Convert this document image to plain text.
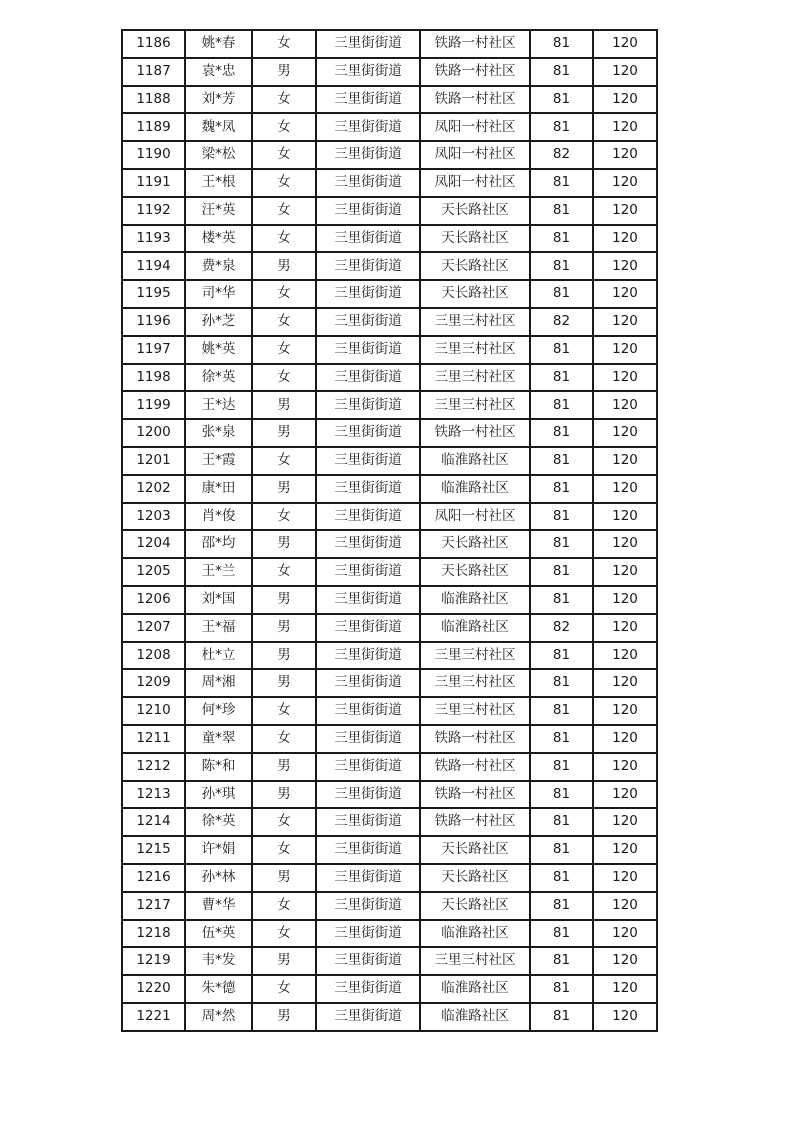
1186	姚*春	女	三里街街道	铁路一村社区	81	120
1187	袁*忠	男	三里街街道	铁路一村社区	81	120
1188	刘*芳	女	三里街街道	铁路一村社区	81	120
1189	魏*凤	女	三里街街道	凤阳一村社区	81	120
1190	梁*松	女	三里街街道	凤阳一村社区	82	120
1191	王*根	女	三里街街道	凤阳一村社区	81	120
1192	汪*英	女	三里街街道	天长路社区	81	120
1193	楼*英	女	三里街街道	天长路社区	81	120
1194	费*泉	男	三里街街道	天长路社区	81	120
1195	司*华	女	三里街街道	天长路社区	81	120
1196	孙*芝	女	三里街街道	三里三村社区	82	120
1197	姚*英	女	三里街街道	三里三村社区	81	120
1198	徐*英	女	三里街街道	三里三村社区	81	120
1199	王*达	男	三里街街道	三里三村社区	81	120
1200	张*泉	男	三里街街道	铁路一村社区	81	120
1201	王*霞	女	三里街街道	临淮路社区	81	120
1202	康*田	男	三里街街道	临淮路社区	81	120
1203	肖*俊	女	三里街街道	凤阳一村社区	81	120
1204	邵*均	男	三里街街道	天长路社区	81	120
1205	王*兰	女	三里街街道	天长路社区	81	120
1206	刘*国	男	三里街街道	临淮路社区	81	120
1207	王*福	男	三里街街道	临淮路社区	82	120
1208	杜*立	男	三里街街道	三里三村社区	81	120
1209	周*湘	男	三里街街道	三里三村社区	81	120
1210	何*珍	女	三里街街道	三里三村社区	81	120
1211	童*翠	女	三里街街道	铁路一村社区	81	120
1212	陈*和	男	三里街街道	铁路一村社区	81	120
1213	孙*琪	男	三里街街道	铁路一村社区	81	120
1214	徐*英	女	三里街街道	铁路一村社区	81	120
1215	许*娟	女	三里街街道	天长路社区	81	120
1216	孙*林	男	三里街街道	天长路社区	81	120
1217	曹*华	女	三里街街道	天长路社区	81	120
1218	伍*英	女	三里街街道	临淮路社区	81	120
1219	韦*发	男	三里街街道	三里三村社区	81	120
1220	朱*德	女	三里街街道	临淮路社区	81	120
1221	周*然	男	三里街街道	临淮路社区	81	120
